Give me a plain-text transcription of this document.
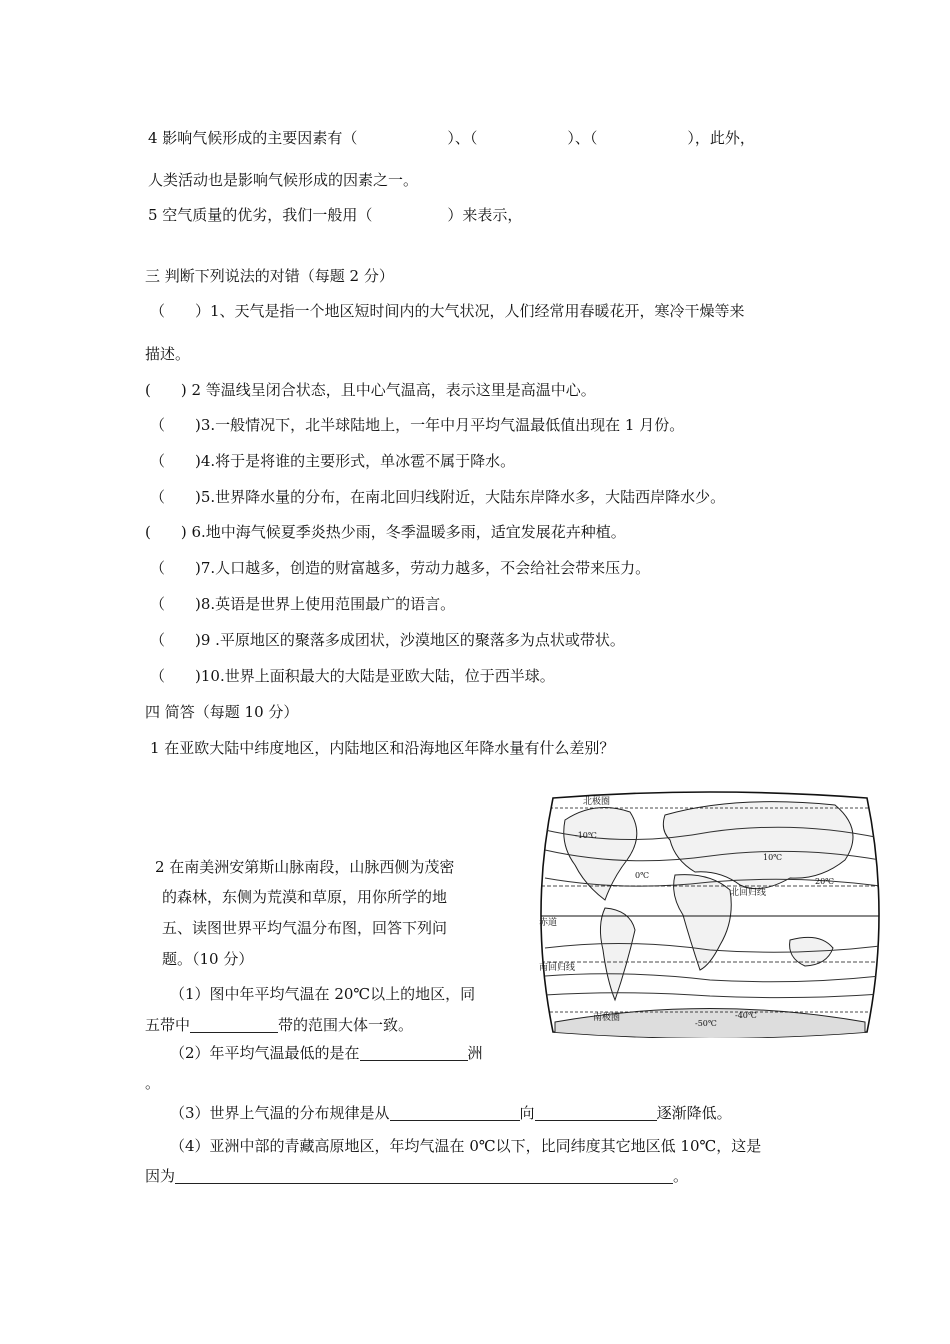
4 影响气候形成的主要因素有（　　　　　　）、（　　　　　　）、（　　　　　　），此外，
人类活动也是影响气候形成的因素之一。
5 空气质量的优劣，我们一般用（　　　　　）来表示，
三 判断下列说法的对错（每题 2 分）
（　　）1、天气是指一个地区短时间内的大气状况，人们经常用春暖花开，寒冷干燥等来
描述。
(　　) 2 等温线呈闭合状态，且中心气温高，表示这里是高温中心。
（　　)3.一般情况下，北半球陆地上，一年中月平均气温最低值出现在 1 月份。
（　　)4.将于是将谁的主要形式，单冰雹不属于降水。
（　　)5.世界降水量的分布，在南北回归线附近，大陆东岸降水多，大陆西岸降水少。
(　　) 6.地中海气候夏季炎热少雨，冬季温暖多雨，适宜发展花卉种植。
（　　)7.人口越多，创造的财富越多，劳动力越多，不会给社会带来压力。
（　　)8.英语是世界上使用范围最广的语言。
（　　)9 .平原地区的聚落多成团状，沙漠地区的聚落多为点状或带状。
（　　)10.世界上面积最大的大陆是亚欧大陆，位于西半球。
四 简答（每题 10 分）
1 在亚欧大陆中纬度地区，内陆地区和沿海地区年降水量有什么差别？
2 在南美洲安第斯山脉南段，山脉西侧为茂密
的森林，东侧为荒漠和草原，用你所学的地
五、读图世界平均气温分布图，回答下列问
题。（10 分）
（1）图中年平均气温在 20℃以上的地区，同
五带中	带的范围大体一致。
（2）年平均气温最低的是在	洲
。
（3）世界上气温的分布规律是从	向	逐渐降低。
（4）亚洲中部的青藏高原地区，年均气温在 0℃以下，比同纬度其它地区低 10℃，这是
因为	。
北极圈
北回归线
赤道
南回归线
南极圈
0℃
10℃
20℃
-10℃
-50℃
-40℃
